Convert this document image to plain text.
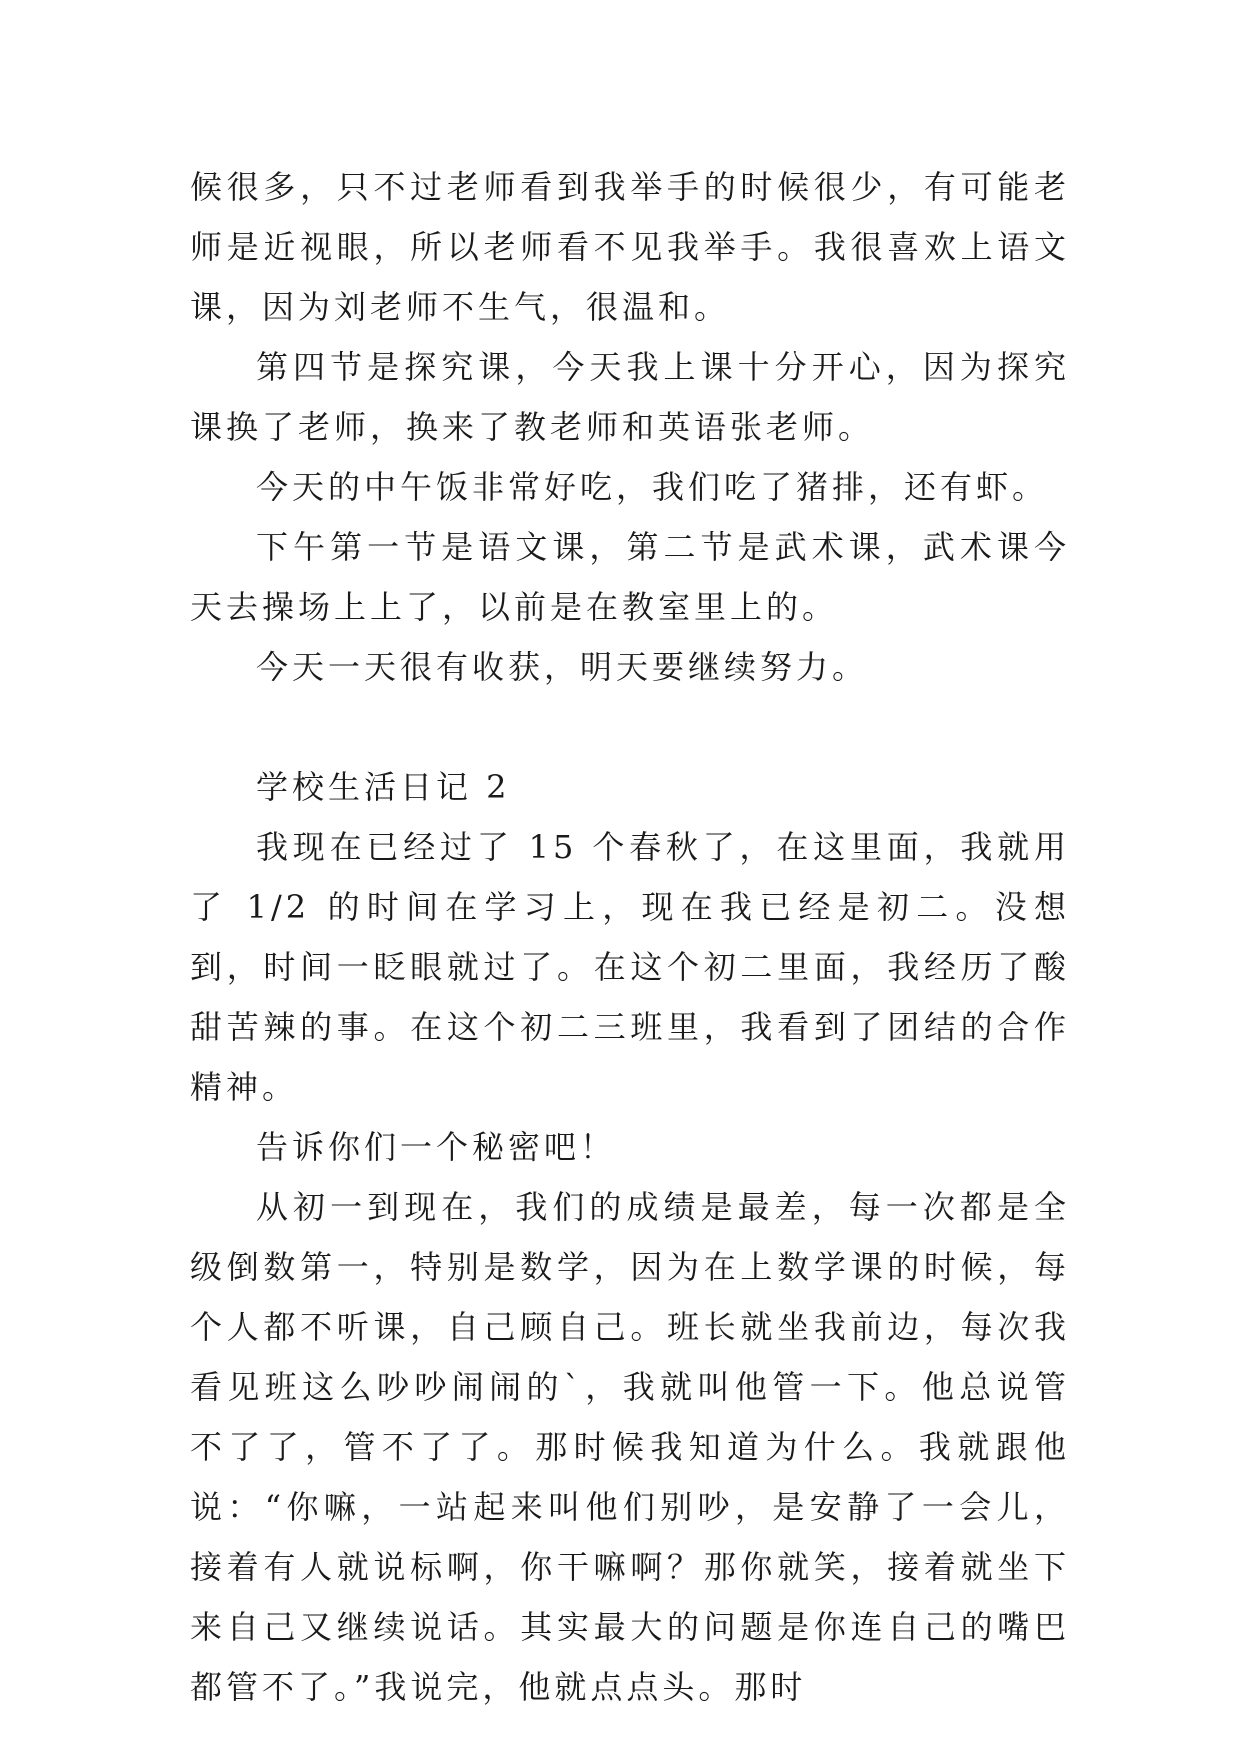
候很多，只不过老师看到我举手的时候很少，有可能老师是近视眼，所以老师看不见我举手。我很喜欢上语文课，因为刘老师不生气，很温和。

第四节是探究课，今天我上课十分开心，因为探究课换了老师，换来了教老师和英语张老师。

今天的中午饭非常好吃，我们吃了猪排，还有虾。

下午第一节是语文课，第二节是武术课，武术课今天去操场上上了，以前是在教室里上的。

今天一天很有收获，明天要继续努力。

学校生活日记 2

我现在已经过了 15 个春秋了，在这里面，我就用了 1/2 的时间在学习上，现在我已经是初二。没想到，时间一眨眼就过了。在这个初二里面，我经历了酸甜苦辣的事。在这个初二三班里，我看到了团结的合作精神。

告诉你们一个秘密吧！

从初一到现在，我们的成绩是最差，每一次都是全级倒数第一，特别是数学，因为在上数学课的时候，每个人都不听课，自己顾自己。班长就坐我前边，每次我看见班这么吵吵闹闹的`，我就叫他管一下。他总说管不了了，管不了了。那时候我知道为什么。我就跟他说：“你嘛，一站起来叫他们别吵，是安静了一会儿，接着有人就说标啊，你干嘛啊？那你就笑，接着就坐下来自己又继续说话。其实最大的问题是你连自己的嘴巴都管不了。”我说完，他就点点头。那时
